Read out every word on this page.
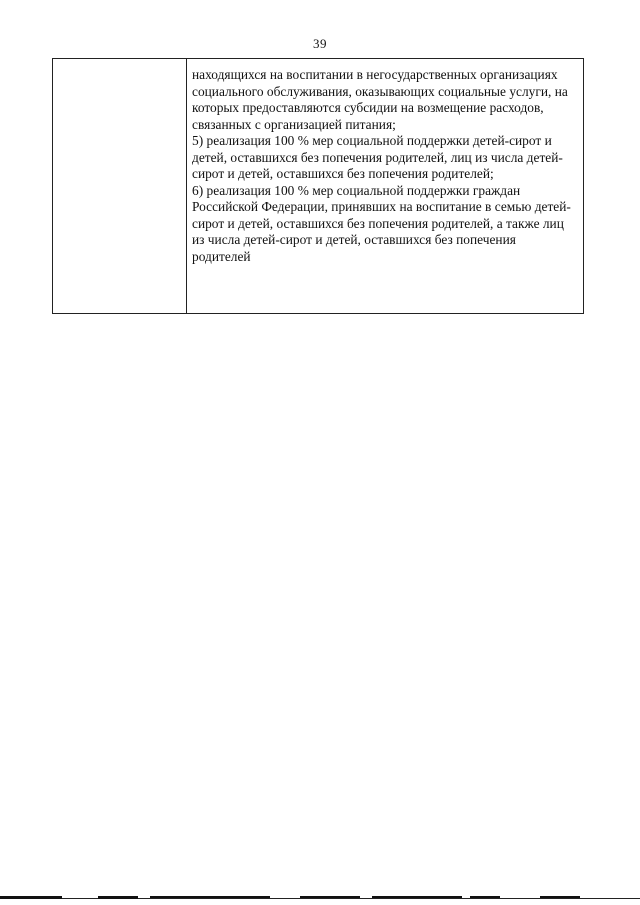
39

находящихся на воспитании в негосударственных организациях социального обслуживания, оказывающих социальные услуги, на которых предоставляются субсидии на возмещение расходов, связанных с организацией питания;

5) реализация 100 % мер социальной поддержки детей-сирот и детей, оставшихся без попечения родителей, лиц из числа детей-сирот и детей, оставшихся без попечения родителей;

6) реализация 100 % мер социальной поддержки граждан Российской Федерации, принявших на воспитание в семью детей-сирот и детей, оставшихся без попечения родителей, а также лиц из числа детей-сирот и детей, оставшихся без попечения родителей
